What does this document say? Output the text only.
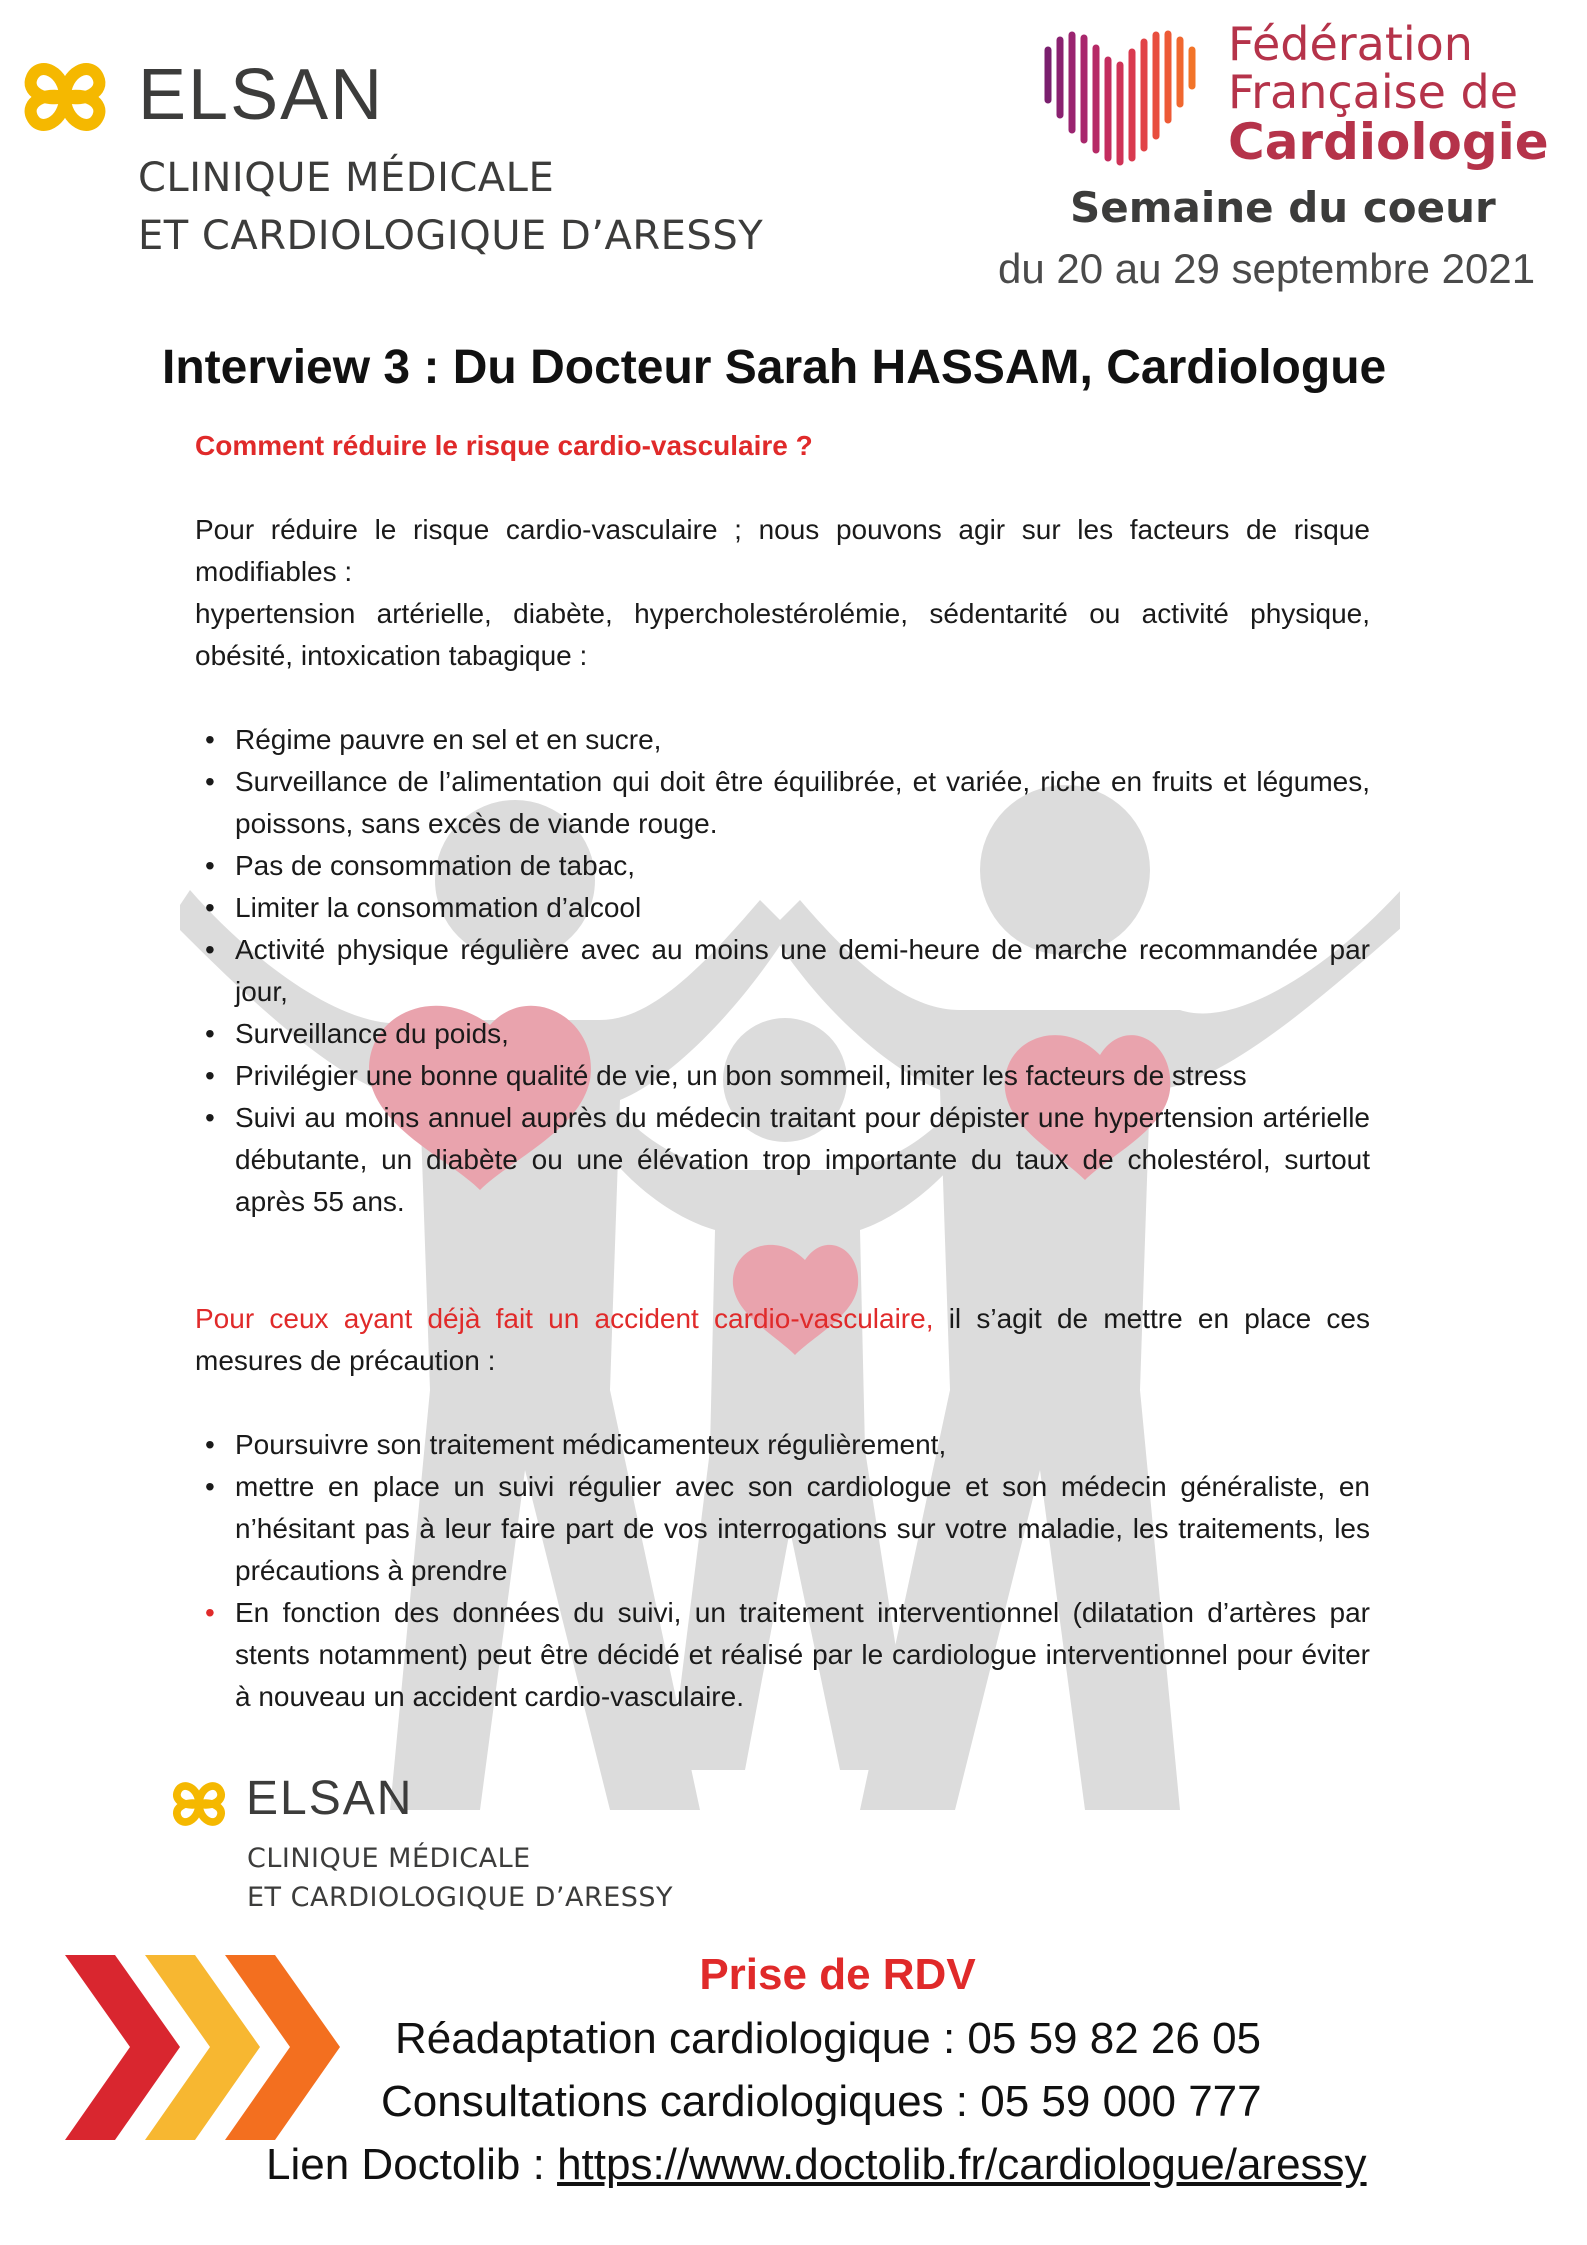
ELSAN
CLINIQUE MÉDICALE
ET CARDIOLOGIQUE D’ARESSY
Fédération
Française de
Cardiologie
Semaine du coeur
du 20 au 29 septembre 2021
Interview 3 : Du Docteur Sarah HASSAM, Cardiologue

Comment réduire le risque cardio-vasculaire ?

Pour réduire le risque cardio-vasculaire ; nous pouvons agir sur les facteurs de risque modifiables :

hypertension artérielle, diabète, hypercholestérolémie, sédentarité ou activité physique, obésité, intoxication tabagique :

• Régime pauvre en sel et en sucre,
• Surveillance de l’alimentation qui doit être équilibrée, et variée, riche en fruits et légumes, poissons, sans excès de viande rouge.
• Pas de consommation de tabac,
• Limiter la consommation d’alcool
• Activité physique régulière avec au moins une demi-heure de marche recommandée par jour,
• Surveillance du poids,
• Privilégier une bonne qualité de vie, un bon sommeil, limiter les facteurs de stress
• Suivi au moins annuel auprès du médecin traitant pour dépister une hypertension artérielle débutante, un diabète ou une élévation trop importante du taux de cholestérol, surtout après 55 ans.

Pour ceux ayant déjà fait un accident cardio-vasculaire, il s’agit de mettre en place ces mesures de précaution :

• Poursuivre son traitement médicamenteux régulièrement,
• mettre en place un suivi régulier avec son cardiologue et son médecin généraliste, en n’hésitant pas à leur faire part de vos interrogations sur votre maladie, les traitements, les précautions à prendre
• En fonction des données du suivi, un traitement interventionnel (dilatation d’artères par stents notamment) peut être décidé et réalisé par le cardiologue interventionnel pour éviter à nouveau un accident cardio-vasculaire.
ELSAN
CLINIQUE MÉDICALE
ET CARDIOLOGIQUE D’ARESSY
Prise de RDV
Réadaptation cardiologique : 05 59 82 26 05
Consultations cardiologiques : 05 59 000 777
Lien Doctolib : https://www.doctolib.fr/cardiologue/aressy
